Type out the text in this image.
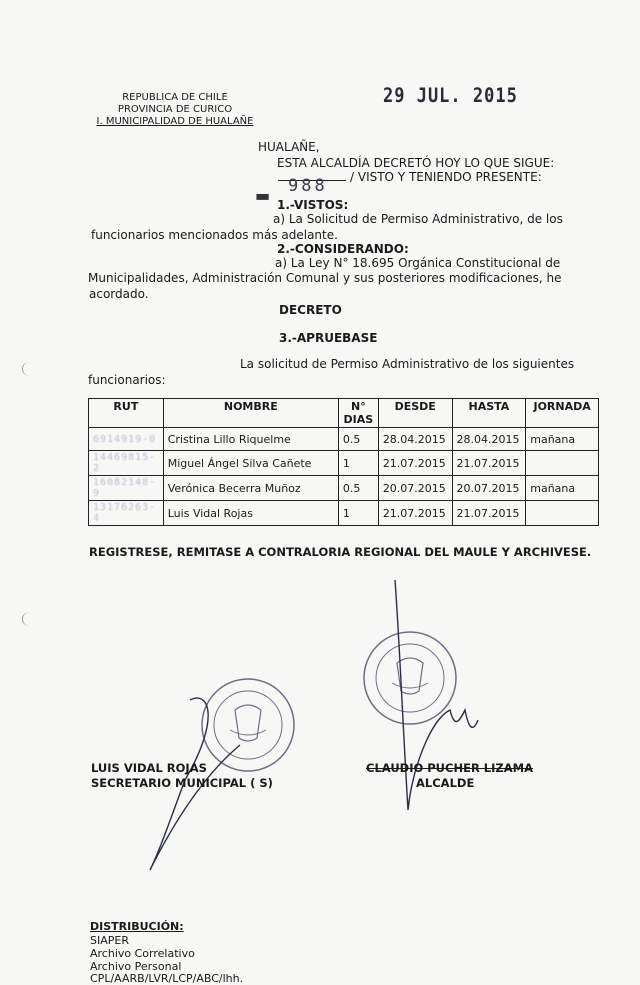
REPUBLICA DE CHILE
PROVINCIA DE CURICO
I. MUNICIPALIDAD DE HUALAÑE
29 JUL. 2015
HUALAÑE,
ESTA ALCALDÍA DECRETÓ HOY LO QUE SIGUE:
/ VISTO Y TENIENDO PRESENTE:
▬ 988
1.-VISTOS:
a) La Solicitud de Permiso Administrativo, de los
funcionarios mencionados más adelante.
2.-CONSIDERANDO:
a) La Ley N° 18.695 Orgánica Constitucional de
Municipalidades, Administración Comunal y sus posteriores modificaciones, he
acordado.
DECRETO
3.-APRUEBASE
La solicitud de Permiso Administrativo de los siguientes
funcionarios:
RUT	NOMBRE	N° DIAS	DESDE	HASTA	JORNADA
6914919-0	Cristina Lillo Riquelme	0.5	28.04.2015	28.04.2015	mañana
14469815-2	Miguel Ángel Silva Cañete	1	21.07.2015	21.07.2015	
16082148-9	Verónica Becerra Muñoz	0.5	20.07.2015	20.07.2015	mañana
13176263-4	Luis Vidal Rojas	1	21.07.2015	21.07.2015	
REGISTRESE, REMITASE A CONTRALORIA REGIONAL DEL MAULE Y ARCHIVESE.
LUIS VIDAL ROJAS
SECRETARIO MUNICIPAL ( S)
CLAUDIO PUCHER LIZAMA
ALCALDE
DISTRIBUCIÓN:
SIAPER
Archivo Correlativo
Archivo Personal
CPL/AARB/LVR/LCP/ABC/lhh.
